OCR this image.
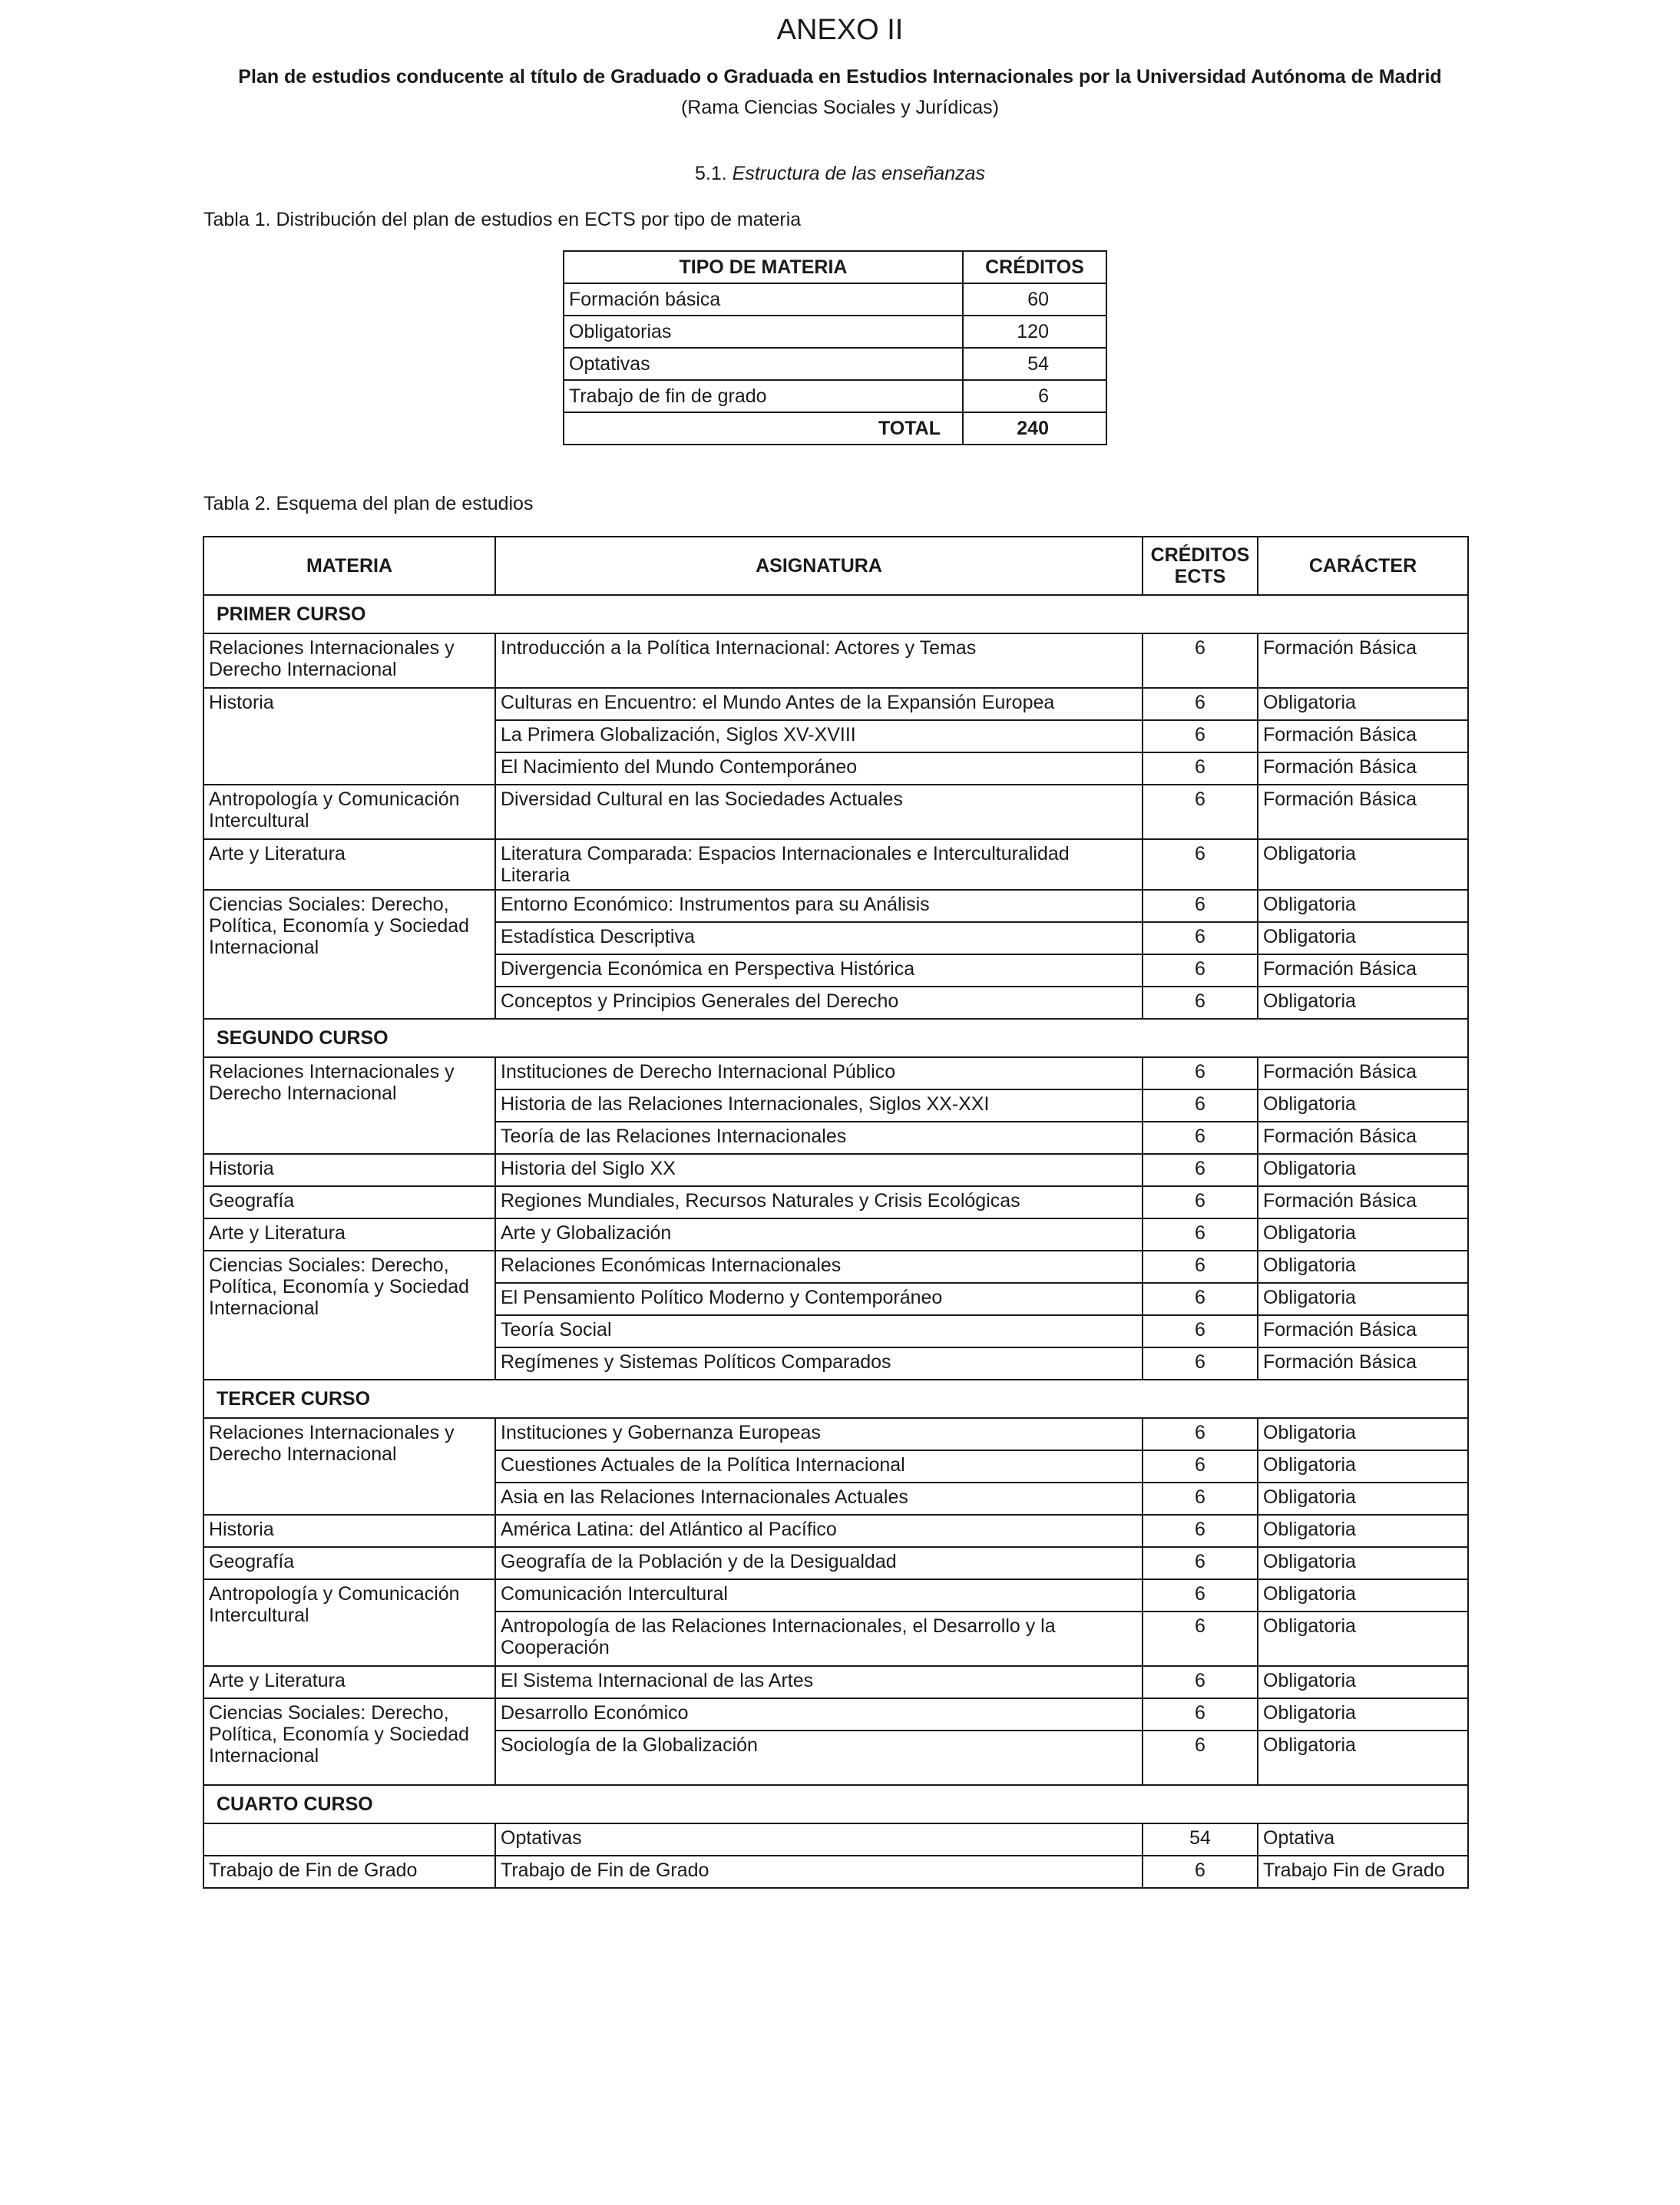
ANEXO II
Plan de estudios conducente al título de Graduado o Graduada en Estudios Internacionales por la Universidad Autónoma de Madrid
(Rama Ciencias Sociales y Jurídicas)
5.1. Estructura de las enseñanzas
Tabla 1. Distribución del plan de estudios en ECTS por tipo de materia
TIPO DE MATERIA	CRÉDITOS
Formación básica	60
Obligatorias	120
Optativas	54
Trabajo de fin de grado	6
TOTAL	240
Tabla 2. Esquema del plan de estudios
MATERIA	ASIGNATURA	CRÉDITOS ECTS	CARÁCTER
PRIMER CURSO			
Relaciones Internacionales y Derecho Internacional	Introducción a la Política Internacional: Actores y Temas	6	Formación Básica
Historia	Culturas en Encuentro: el Mundo Antes de la Expansión Europea	6	Obligatoria
	La Primera Globalización, Siglos XV-XVIII	6	Formación Básica
	El Nacimiento del Mundo Contemporáneo	6	Formación Básica
Antropología y Comunicación Intercultural	Diversidad Cultural en las Sociedades Actuales	6	Formación Básica
Arte y Literatura	Literatura Comparada: Espacios Internacionales e Interculturalidad Literaria	6	Obligatoria
Ciencias Sociales: Derecho, Política, Economía y Sociedad Internacional	Entorno Económico: Instrumentos para su Análisis	6	Obligatoria
	Estadística Descriptiva	6	Obligatoria
	Divergencia Económica en Perspectiva Histórica	6	Formación Básica
	Conceptos y Principios Generales del Derecho	6	Obligatoria
SEGUNDO CURSO			
Relaciones Internacionales y Derecho Internacional	Instituciones de Derecho Internacional Público	6	Formación Básica
	Historia de las Relaciones Internacionales, Siglos XX-XXI	6	Obligatoria
	Teoría de las Relaciones Internacionales	6	Formación Básica
Historia	Historia del Siglo XX	6	Obligatoria
Geografía	Regiones Mundiales, Recursos Naturales y Crisis Ecológicas	6	Formación Básica
Arte y Literatura	Arte y Globalización	6	Obligatoria
Ciencias Sociales: Derecho, Política, Economía y Sociedad Internacional	Relaciones Económicas Internacionales	6	Obligatoria
	El Pensamiento Político Moderno y Contemporáneo	6	Obligatoria
	Teoría Social	6	Formación Básica
	Regímenes y Sistemas Políticos Comparados	6	Formación Básica
TERCER CURSO			
Relaciones Internacionales y Derecho Internacional	Instituciones y Gobernanza Europeas	6	Obligatoria
	Cuestiones Actuales de la Política Internacional	6	Obligatoria
	Asia en las Relaciones Internacionales Actuales	6	Obligatoria
Historia	América Latina: del Atlántico al Pacífico	6	Obligatoria
Geografía	Geografía de la Población y de la Desigualdad	6	Obligatoria
Antropología y Comunicación Intercultural	Comunicación Intercultural	6	Obligatoria
	Antropología de las Relaciones Internacionales, el Desarrollo y la Cooperación	6	Obligatoria
Arte y Literatura	El Sistema Internacional de las Artes	6	Obligatoria
Ciencias Sociales: Derecho, Política, Economía y Sociedad Internacional	Desarrollo Económico	6	Obligatoria
	Sociología de la Globalización	6	Obligatoria
CUARTO CURSO			
	Optativas	54	Optativa
Trabajo de Fin de Grado	Trabajo de Fin de Grado	6	Trabajo Fin de Grado
